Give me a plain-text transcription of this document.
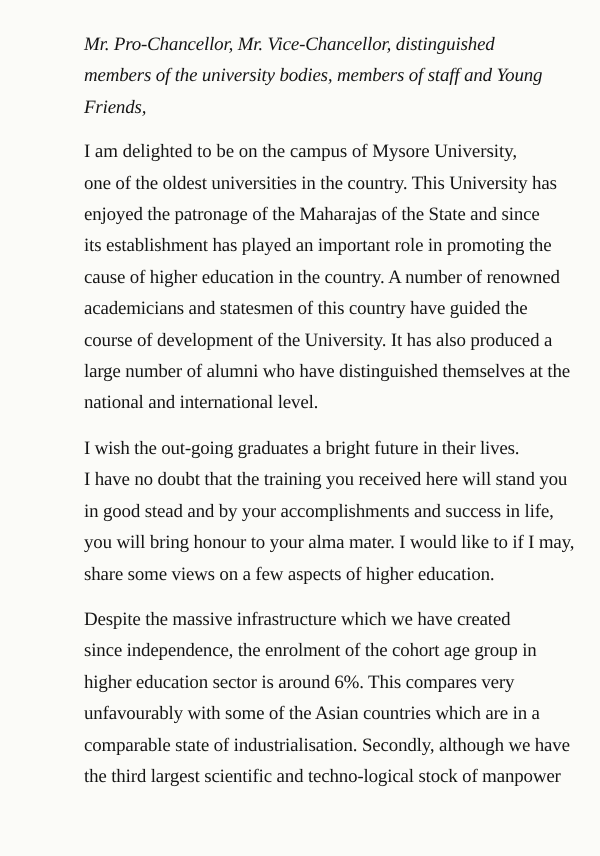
Mr. Pro-Chancellor, Mr. Vice-Chancellor, distinguished
members of the university bodies, members of staff and Young
Friends,

I am delighted to be on the campus of Mysore University,
one of the oldest universities in the country. This University has
enjoyed the patronage of the Maharajas of the State and since
its establishment has played an important role in promoting the
cause of higher education in the country. A number of renowned
academicians and statesmen of this country have guided the
course of development of the University. It has also produced a
large number of alumni who have distinguished themselves at the
national and international level.

I wish the out-going graduates a bright future in their lives.
I have no doubt that the training you received here will stand you
in good stead and by your accomplishments and success in life,
you will bring honour to your alma mater. I would like to if I may,
share some views on a few aspects of higher education.

Despite the massive infrastructure which we have created
since independence, the enrolment of the cohort age group in
higher education sector is around 6%. This compares very
unfavourably with some of the Asian countries which are in a
comparable state of industrialisation. Secondly, although we have
the third largest scientific and techno-logical stock of manpower
